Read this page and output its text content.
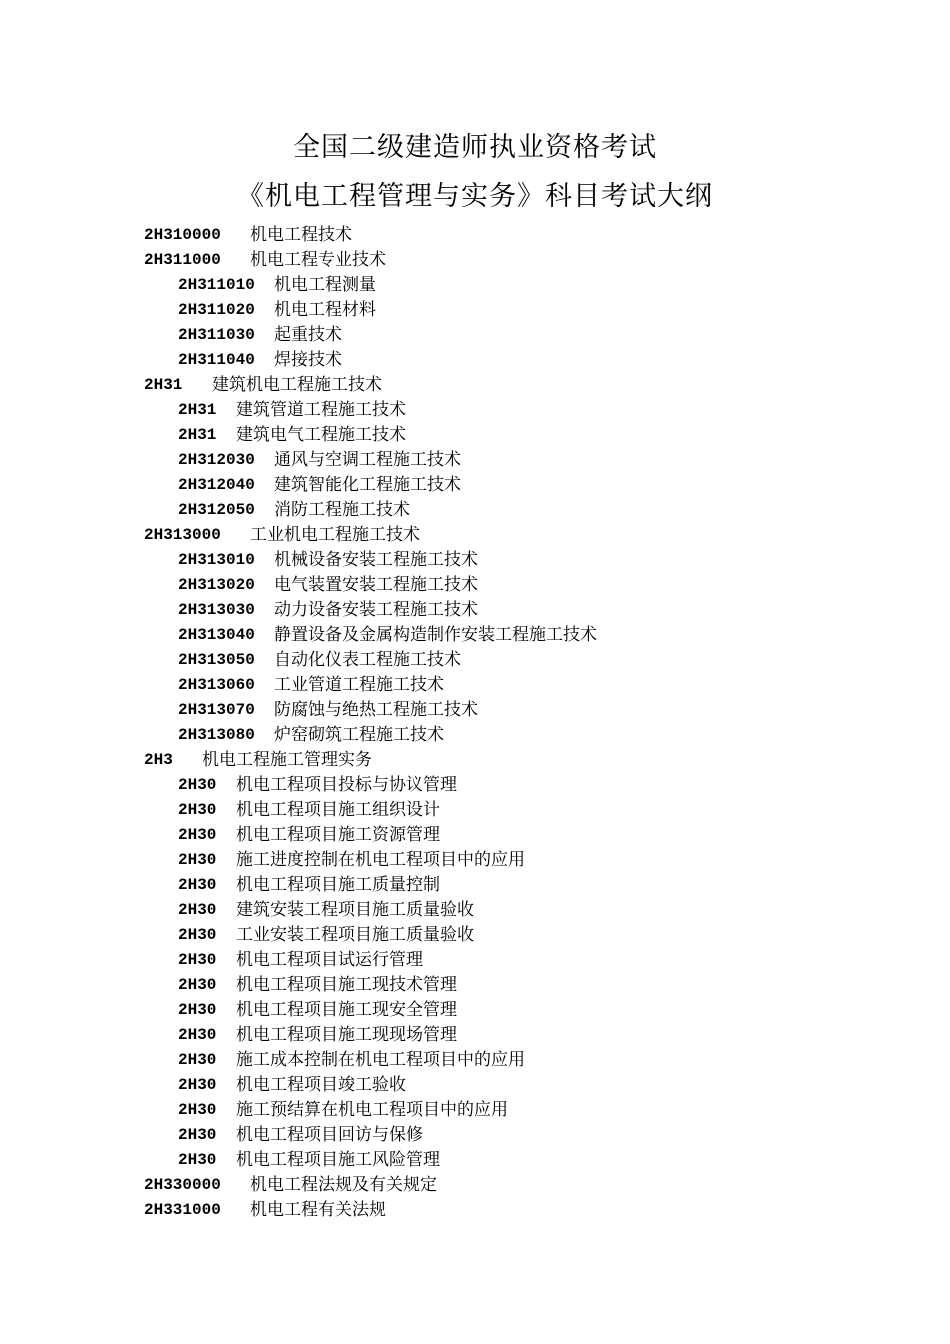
全国二级建造师执业资格考试
《机电工程管理与实务》科目考试大纲
2H310000 机电工程技术
2H311000 机电工程专业技术
2H311010 机电工程测量
2H311020 机电工程材料
2H311030 起重技术
2H311040 焊接技术
2H31 建筑机电工程施工技术
2H31 建筑管道工程施工技术
2H31 建筑电气工程施工技术
2H312030 通风与空调工程施工技术
2H312040 建筑智能化工程施工技术
2H312050 消防工程施工技术
2H313000 工业机电工程施工技术
2H313010 机械设备安装工程施工技术
2H313020 电气装置安装工程施工技术
2H313030 动力设备安装工程施工技术
2H313040 静置设备及金属构造制作安装工程施工技术
2H313050 自动化仪表工程施工技术
2H313060 工业管道工程施工技术
2H313070 防腐蚀与绝热工程施工技术
2H313080 炉窑砌筑工程施工技术
2H3 机电工程施工管理实务
2H30 机电工程项目投标与协议管理
2H30 机电工程项目施工组织设计
2H30 机电工程项目施工资源管理
2H30 施工进度控制在机电工程项目中的应用
2H30 机电工程项目施工质量控制
2H30 建筑安装工程项目施工质量验收
2H30 工业安装工程项目施工质量验收
2H30 机电工程项目试运行管理
2H30 机电工程项目施工现技术管理
2H30 机电工程项目施工现安全管理
2H30 机电工程项目施工现现场管理
2H30 施工成本控制在机电工程项目中的应用
2H30 机电工程项目竣工验收
2H30 施工预结算在机电工程项目中的应用
2H30 机电工程项目回访与保修
2H30 机电工程项目施工风险管理
2H330000 机电工程法规及有关规定
2H331000 机电工程有关法规
